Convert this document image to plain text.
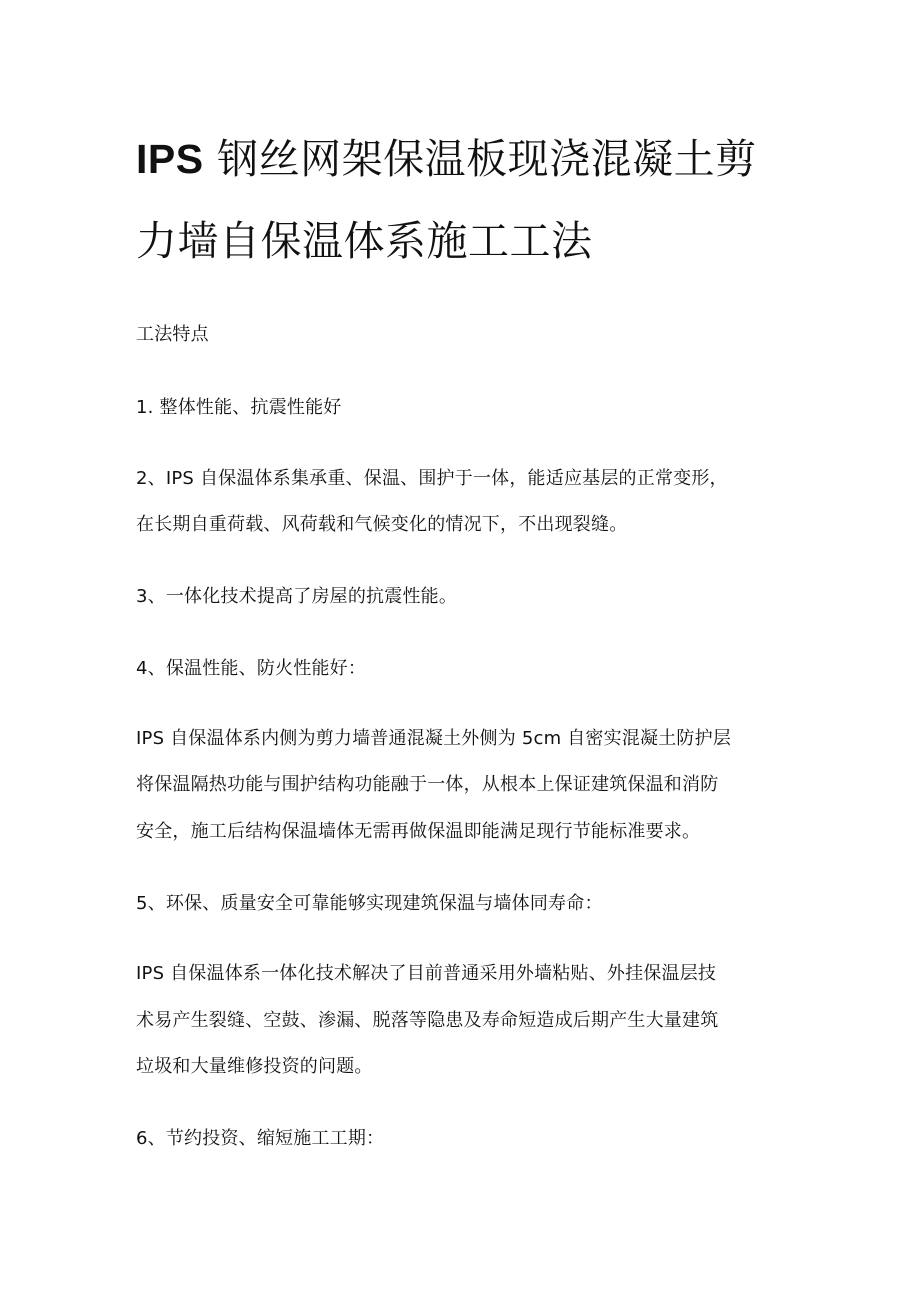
IPS 钢丝网架保温板现浇混凝土剪
力墙自保温体系施工工法

工法特点

1. 整体性能、抗震性能好

2、IPS 自保温体系集承重、保温、围护于一体，能适应基层的正常变形，

在长期自重荷载、风荷载和气候变化的情况下，不出现裂缝。

3、一体化技术提高了房屋的抗震性能。

4、保温性能、防火性能好：

IPS 自保温体系内侧为剪力墙普通混凝土外侧为 5cm 自密实混凝土防护层

将保温隔热功能与围护结构功能融于一体，从根本上保证建筑保温和消防

安全，施工后结构保温墙体无需再做保温即能满足现行节能标准要求。

5、环保、质量安全可靠能够实现建筑保温与墙体同寿命：

IPS 自保温体系一体化技术解决了目前普通采用外墙粘贴、外挂保温层技

术易产生裂缝、空鼓、渗漏、脱落等隐患及寿命短造成后期产生大量建筑

垃圾和大量维修投资的问题。

6、节约投资、缩短施工工期：
